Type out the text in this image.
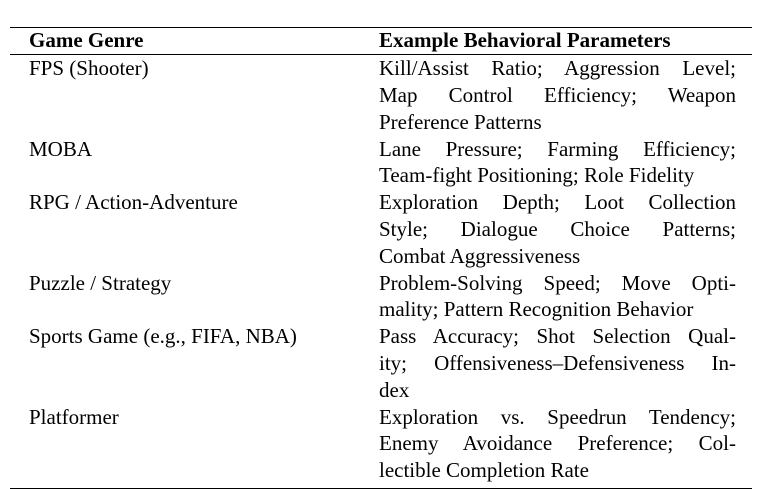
Game Genre	Example Behavioral Parameters
FPS (Shooter)	Kill/Assist Ratio; Aggression Level;
Map Control Efficiency; Weapon
Preference Patterns
MOBA	Lane Pressure; Farming Efficiency;
Team-fight Positioning; Role Fidelity
RPG / Action-Adventure	Exploration Depth; Loot Collection
Style; Dialogue Choice Patterns;
Combat Aggressiveness
Puzzle / Strategy	Problem-Solving Speed; Move Opti-
mality; Pattern Recognition Behavior
Sports Game (e.g., FIFA, NBA)	Pass Accuracy; Shot Selection Qual-
ity; Offensiveness–Defensiveness In-
dex
Platformer	Exploration vs. Speedrun Tendency;
Enemy Avoidance Preference; Col-
lectible Completion Rate
